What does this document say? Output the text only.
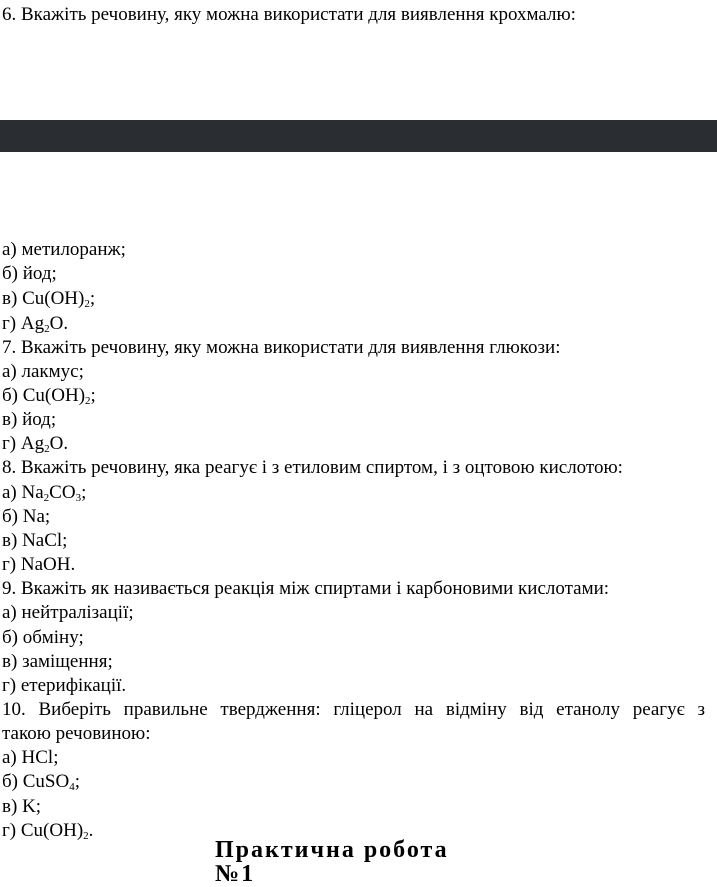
6. Вкажіть речовину, яку можна використати для виявлення крохмалю:
а) метилоранж;
б) йод;
в) $Cu(OH)_2$;
г) $Ag_2O$.
7. Вкажіть речовину, яку можна використати для виявлення глюкози:
а) лакмус;
б) $Cu(OH)_2$;
в) йод;
г) $Ag_2O$.
8. Вкажіть речовину, яка реагує і з етиловим спиртом, і з оцтовою кислотою:
а) $Na_2CO_3$;
б) Na;
в) NaCl;
г) NaOH.
9. Вкажіть як називається реакція між спиртами і карбоновими кислотами:
а) нейтралізації;
б) обміну;
в) заміщення;
г) етерифікації.
10. Виберіть правильне твердження: гліцерол на відміну від етанолу реагує з
такою речовиною:
а) HCl;
б) CuSO$_4$;
в) K;
г) $Cu(OH)_2$.
Практична робота №1
